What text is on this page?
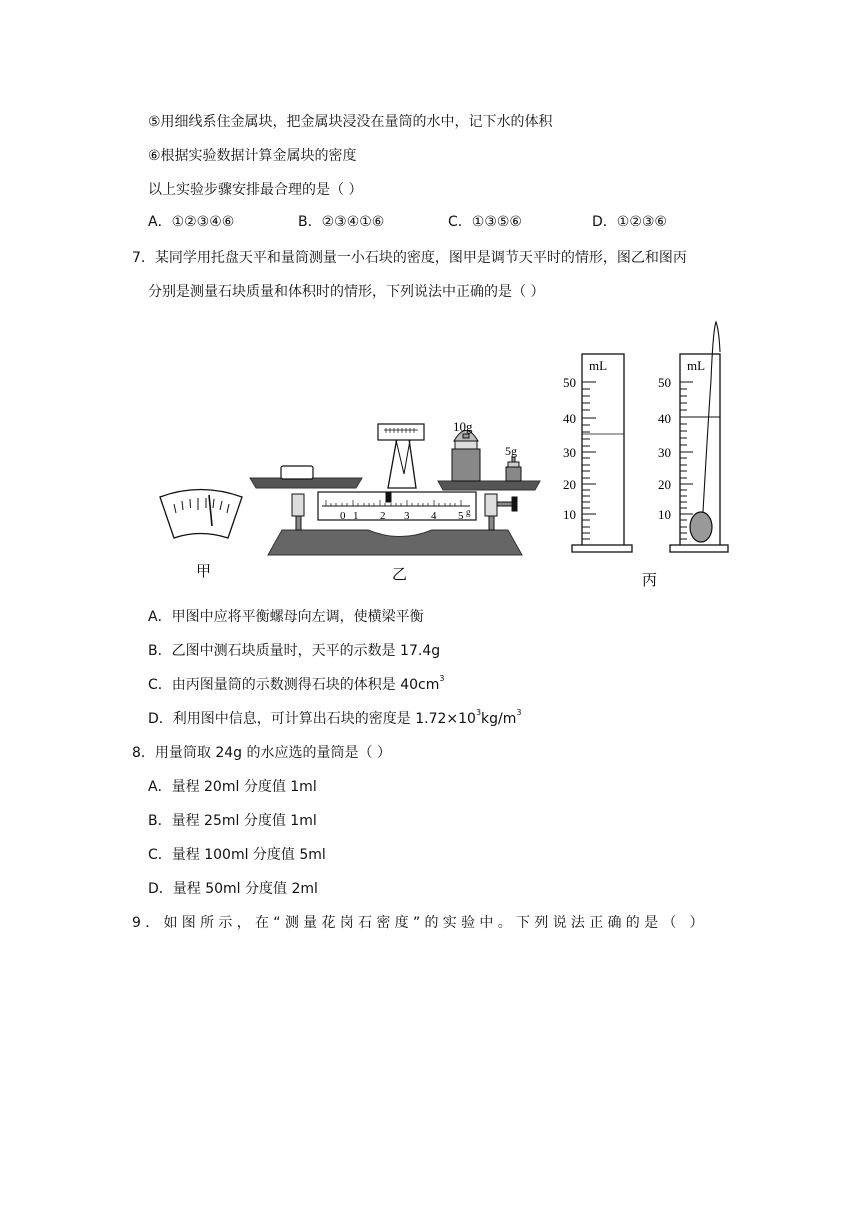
⑤用细线系住金属块，把金属块浸没在量筒的水中，记下水的体积
⑥根据实验数据计算金属块的密度
以上实验步骤安排最合理的是（ ）
A．①②③④⑥	B．②③④①⑥	C．①③⑤⑥	D．①②③⑥
7．某同学用托盘天平和量筒测量一小石块的密度，图甲是调节天平时的情形，图乙和图丙
分别是测量石块质量和体积时的情形，下列说法中正确的是（ ）
甲
0 1 2 3 4 5 g
10g
5g
乙
mL
50
40
30
20
10
mL
50
40
30
20
10
丙
A．甲图中应将平衡螺母向左调，使横梁平衡
B．乙图中测石块质量时，天平的示数是 17.4g
C．由丙图量筒的示数测得石块的体积是 $40cm^3$
D．利用图中信息，可计算出石块的密度是 $1.72\times 10^3kg/m^3$
8．用量筒取 24g 的水应选的量筒是（ ）
A．量程 20ml 分度值 1ml
B．量程 25ml 分度值 1ml
C．量程 100ml 分度值 5ml
D．量程 50ml 分度值 2ml
9．如图所示，在“测量花岗石密度”的实验中。下列说法正确的是（ ）
